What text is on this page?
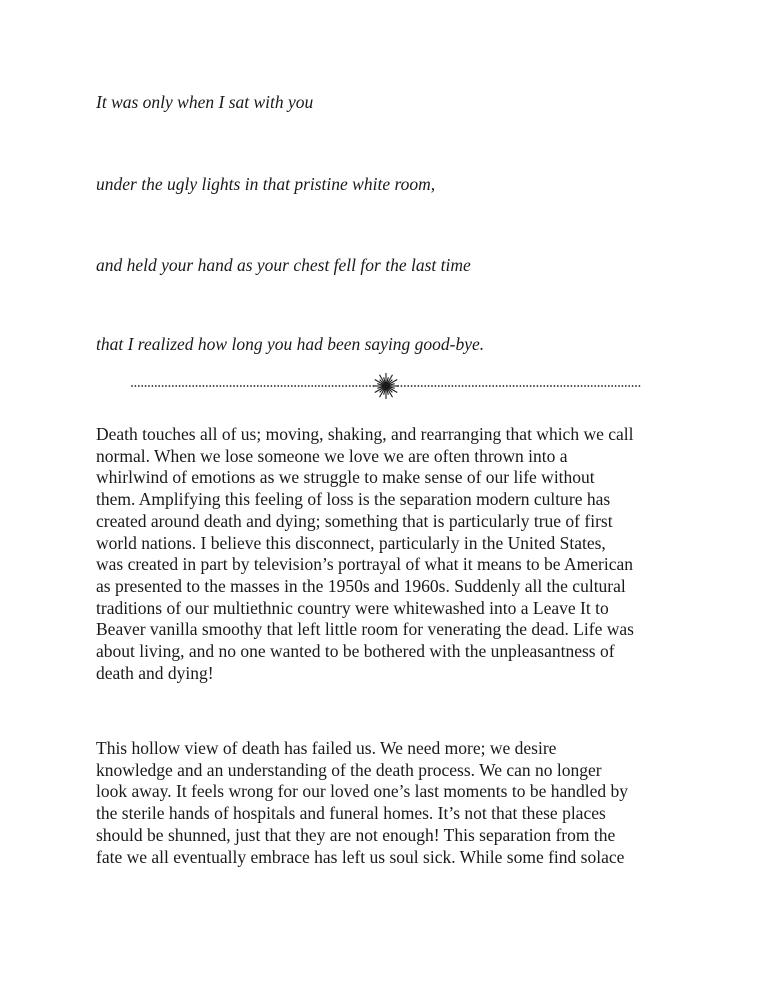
It was only when I sat with you

under the ugly lights in that pristine white room,

and held your hand as your chest fell for the last time

that I realized how long you had been saying good-bye.

Death touches all of us; moving, shaking, and rearranging that which we call
normal. When we lose someone we love we are often thrown into a
whirlwind of emotions as we struggle to make sense of our life without
them. Amplifying this feeling of loss is the separation modern culture has
created around death and dying; something that is particularly true of first
world nations. I believe this disconnect, particularly in the United States,
was created in part by television’s portrayal of what it means to be American
as presented to the masses in the 1950s and 1960s. Suddenly all the cultural
traditions of our multiethnic country were whitewashed into a Leave It to
Beaver vanilla smoothy that left little room for venerating the dead. Life was
about living, and no one wanted to be bothered with the unpleasantness of
death and dying!
This hollow view of death has failed us. We need more; we desire
knowledge and an understanding of the death process. We can no longer
look away. It feels wrong for our loved one’s last moments to be handled by
the sterile hands of hospitals and funeral homes. It’s not that these places
should be shunned, just that they are not enough! This separation from the
fate we all eventually embrace has left us soul sick. While some find solace
